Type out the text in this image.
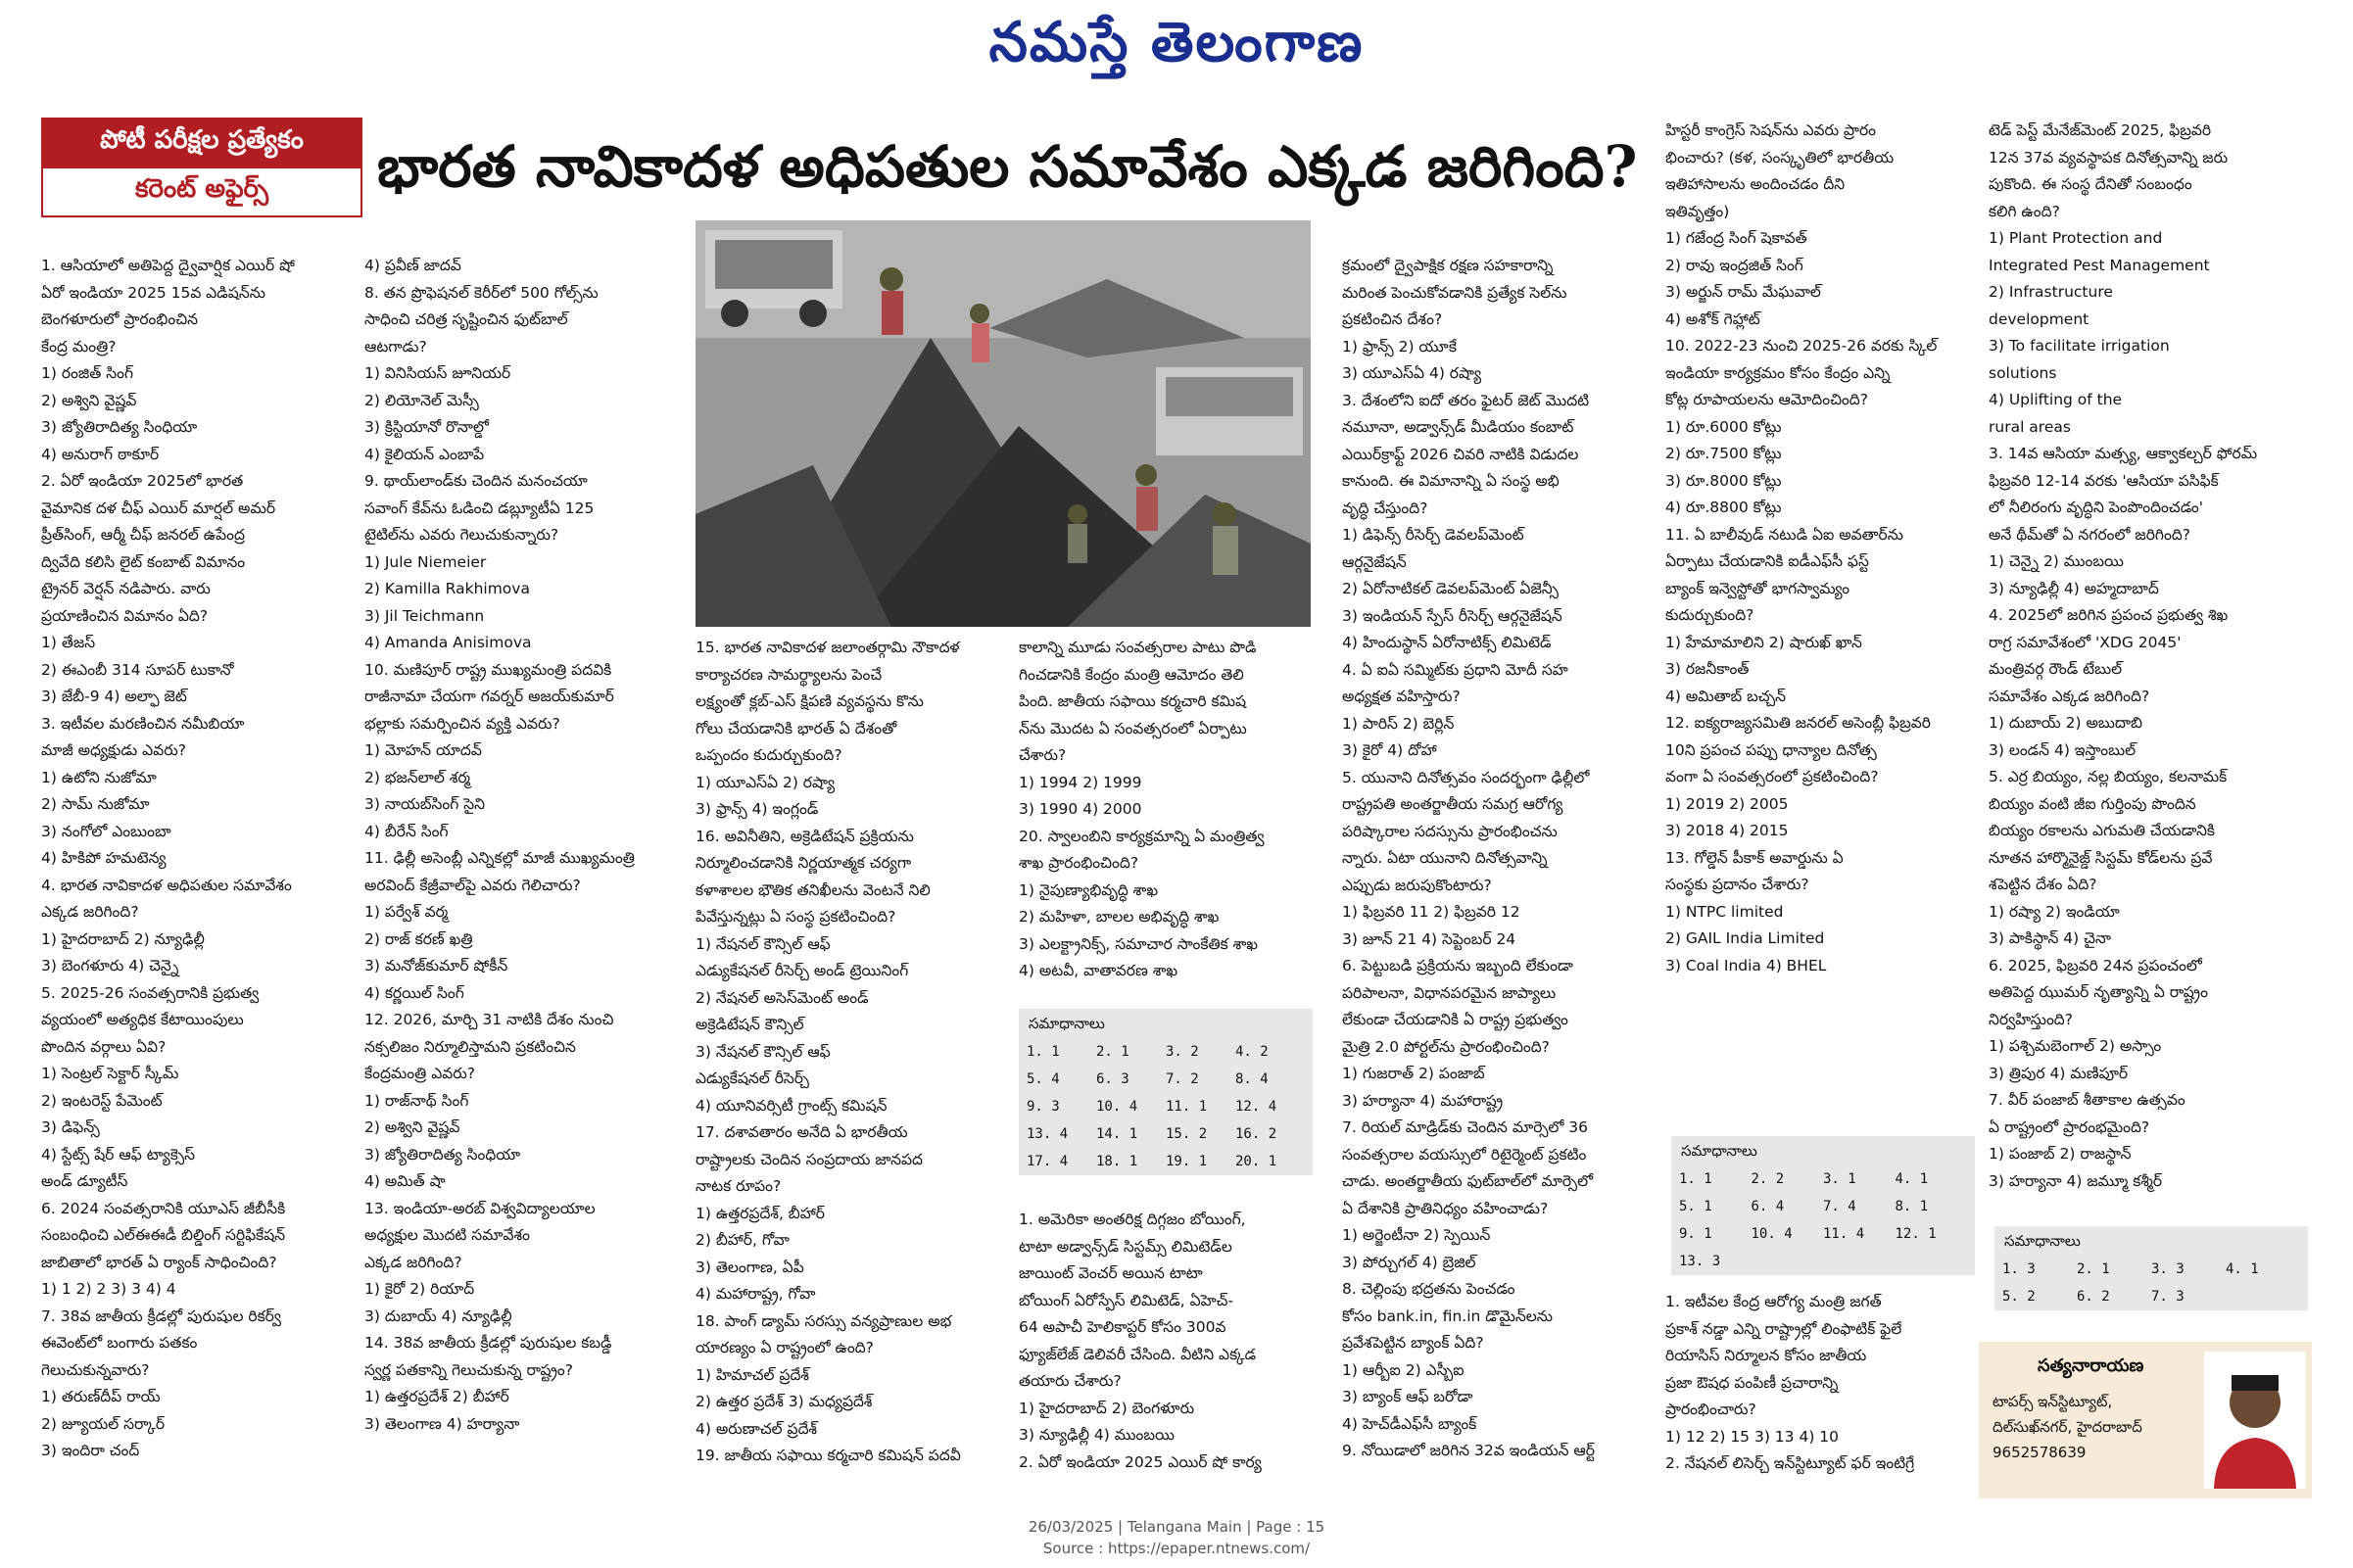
నమస్తే తెలంగాణ
పోటీ పరీక్షల ప్రత్యేకం
కరెంట్ అఫైర్స్	భారత నావికాదళ అధిపతుల సమావేశం ఎక్కడ జరిగింది?
1. ఆసియాలో అతిపెద్ద ద్వైవార్షిక ఎయిర్ షో
ఏరో ఇండియా 2025 15వ ఎడిషన్‌ను
బెంగళూరులో ప్రారంభించిన
కేంద్ర మంత్రి?
1) రంజిత్ సింగ్
2) అశ్విని వైష్ణవ్
3) జ్యోతిరాదిత్య సింధియా
4) అనురాగ్ ఠాకూర్
2. ఏరో ఇండియా 2025లో భారత
వైమానిక దళ చీఫ్ ఎయిర్ మార్షల్ అమర్
ప్రీత్‌సింగ్, ఆర్మీ చీఫ్ జనరల్ ఉపేంద్ర
ద్వివేది కలిసి లైట్ కంబాట్ విమానం
ట్రైనర్ వెర్షన్ నడిపారు. వారు
ప్రయాణించిన విమానం ఏది?
1) తేజస్
2) ఈఎంబీ 314 సూపర్ టుకానో
3) జేబీ-9 4) అల్ఫా జెట్
3. ఇటీవల మరణించిన నమీబియా
మాజీ అధ్యక్షుడు ఎవరు?
1) ఉటోని నుజోమా
2) సామ్ నుజోమా
3) నంగోలో ఎంబుంబా
4) హికిపో హమటెన్య
4. భారత నావికాదళ అధిపతుల సమావేశం
ఎక్కడ జరిగింది?
1) హైదరాబాద్ 2) న్యూఢిల్లీ
3) బెంగళూరు 4) చెన్నై
5. 2025-26 సంవత్సరానికి ప్రభుత్వ
వ్యయంలో అత్యధిక కేటాయింపులు
పొందిన వర్గాలు ఏవి?
1) సెంట్రల్ సెక్టార్ స్కీమ్
2) ఇంటరెస్ట్ పేమెంట్
3) డిఫెన్స్
4) స్టేట్స్ షేర్ ఆఫ్ ట్యాక్సెస్
అండ్ డ్యూటీస్
6. 2024 సంవత్సరానికి యూఎస్ జీబీసీకి
సంబంధించి ఎల్ఈఈడీ బిల్డింగ్ సర్టిఫికేషన్
జాబితాలో భారత్ ఏ ర్యాంక్ సాధించింది?
1) 1 2) 2 3) 3 4) 4
7. 38వ జాతీయ క్రీడల్లో పురుషుల రికర్వ్
ఈవెంట్‌లో బంగారు పతకం
గెలుచుకున్నవారు?
1) తరుణ్‌దీప్ రాయ్
2) జ్యూయల్ సర్కార్
3) ఇందిరా చంద్
4) ప్రవీణ్ జాదవ్
8. తన ప్రొఫెషనల్ కెరీర్‌లో 500 గోల్స్‌ను
సాధించి చరిత్ర సృష్టించిన ఫుట్‌బాల్
ఆటగాడు?
1) వినిసియస్ జూనియర్
2) లియోనెల్ మెస్సీ
3) క్రిస్టియానో రొనాల్డో
4) కైలియన్ ఎంబాపే
9. థాయ్‌లాండ్‌కు చెందిన మనంచయా
సవాంగ్ కేవ్‌ను ఓడించి డబ్ల్యూటీఏ 125
టైటిల్‌ను ఎవరు గెలుచుకున్నారు?
1) Jule Niemeier
2) Kamilla Rakhimova
3) Jil Teichmann
4) Amanda Anisimova
10. మణిపూర్ రాష్ట్ర ముఖ్యమంత్రి పదవికి
రాజీనామా చేయగా గవర్నర్ అజయ్‌కుమార్
భల్లాకు సమర్పించిన వ్యక్తి ఎవరు?
1) మోహన్ యాదవ్
2) భజన్‌లాల్ శర్మ
3) నాయబ్‌సింగ్ సైని
4) బీరేన్ సింగ్
11. ఢిల్లీ అసెంబ్లీ ఎన్నికల్లో మాజీ ముఖ్యమంత్రి
అరవింద్ కేజ్రీవాల్‌పై ఎవరు గెలిచారు?
1) పర్వేశ్ వర్మ
2) రాజ్ కరణ్ ఖత్రి
3) మనోజ్‌కుమార్ షోకీన్
4) కర్ణయిల్ సింగ్
12. 2026, మార్చి 31 నాటికి దేశం నుంచి
నక్సలిజం నిర్మూలిస్తామని ప్రకటించిన
కేంద్రమంత్రి ఎవరు?
1) రాజ్‌నాథ్ సింగ్
2) అశ్విని వైష్ణవ్
3) జ్యోతిరాదిత్య సింధియా
4) అమిత్ షా
13. ఇండియా-అరబ్ విశ్వవిద్యాలయాల
అధ్యక్షుల మొదటి సమావేశం
ఎక్కడ జరిగింది?
1) కైరో 2) రియాద్
3) దుబాయ్ 4) న్యూఢిల్లీ
14. 38వ జాతీయ క్రీడల్లో పురుషుల కబడ్డీ
స్వర్ణ పతకాన్ని గెలుచుకున్న రాష్ట్రం?
1) ఉత్తరప్రదేశ్ 2) బీహార్
3) తెలంగాణ 4) హర్యానా
15. భారత నావికాదళ జలాంతర్గామి నౌకాదళ
కార్యాచరణ సామర్థ్యాలను పెంచే
లక్ష్యంతో క్లబ్-ఎస్ క్షిపణి వ్యవస్థను కొను
గోలు చేయడానికి భారత్ ఏ దేశంతో
ఒప్పందం కుదుర్చుకుంది?
1) యూఎస్ఏ 2) రష్యా
3) ఫ్రాన్స్ 4) ఇంగ్లండ్
16. అవినీతిని, అక్రెడిటేషన్ ప్రక్రియను
నిర్మూలించడానికి నిర్ణయాత్మక చర్యగా
కళాశాలల భౌతిక తనిఖీలను వెంటనే నిలి
పివేస్తున్నట్లు ఏ సంస్థ ప్రకటించింది?
1) నేషనల్ కౌన్సిల్ ఆఫ్
ఎడ్యుకేషనల్ రీసెర్చ్ అండ్ ట్రెయినింగ్
2) నేషనల్ అసెస్‌మెంట్ అండ్
అక్రెడిటేషన్ కౌన్సిల్
3) నేషనల్ కౌన్సిల్ ఆఫ్
ఎడ్యుకేషనల్ రీసెర్చ్
4) యూనివర్సిటీ గ్రాంట్స్ కమిషన్
17. దశావతారం అనేది ఏ భారతీయ
రాష్ట్రాలకు చెందిన సంప్రదాయ జానపద
నాటక రూపం?
1) ఉత్తరప్రదేశ్, బీహార్
2) బీహార్, గోవా
3) తెలంగాణ, ఏపీ
4) మహారాష్ట్ర, గోవా
18. పాంగ్ డ్యామ్ సరస్సు వన్యప్రాణుల అభ
యారణ్యం ఏ రాష్ట్రంలో ఉంది?
1) హిమాచల్ ప్రదేశ్
2) ఉత్తర ప్రదేశ్ 3) మధ్యప్రదేశ్
4) అరుణాచల్ ప్రదేశ్
19. జాతీయ సఫాయి కర్మచారి కమిషన్ పదవీ
కాలాన్ని మూడు సంవత్సరాల పాటు పొడి
గించడానికి కేంద్రం మంత్రి ఆమోదం తెలి
పింది. జాతీయ సఫాయి కర్మచారి కమిష
న్‌ను మొదట ఏ సంవత్సరంలో ఏర్పాటు
చేశారు?
1) 1994 2) 1999
3) 1990 4) 2000
20. స్వాలంబిని కార్యక్రమాన్ని ఏ మంత్రిత్వ
శాఖ ప్రారంభించింది?
1) నైపుణ్యాభివృద్ధి శాఖ
2) మహిళా, బాలల అభివృద్ధి శాఖ
3) ఎలక్ట్రానిక్స్, సమాచార సాంకేతిక శాఖ
4) అటవీ, వాతావరణ శాఖ
1. అమెరికా అంతరిక్ష దిగ్గజం బోయింగ్,
టాటా అడ్వాన్స్‌డ్ సిస్టమ్స్ లిమిటెడ్‌ల
జాయింట్ వెంచర్ అయిన టాటా
బోయింగ్ ఏరోస్పేస్ లిమిటెడ్, ఏహెచ్-
64 అపాచీ హెలికాప్టర్ కోసం 300వ
ఫ్యూజ్‌లేజ్ డెలివరీ చేసింది. వీటిని ఎక్కడ
తయారు చేశారు?
1) హైదరాబాద్ 2) బెంగళూరు
3) న్యూఢిల్లీ 4) ముంబయి
2. ఏరో ఇండియా 2025 ఎయిర్ షో కార్య
క్రమంలో ద్వైపాక్షిక రక్షణ సహకారాన్ని
మరింత పెంచుకోవడానికి ప్రత్యేక సెల్‌ను
ప్రకటించిన దేశం?
1) ఫ్రాన్స్ 2) యూకే
3) యూఎస్ఏ 4) రష్యా
3. దేశంలోని ఐదో తరం ఫైటర్ జెట్ మొదటి
నమూనా, అడ్వాన్స్‌డ్ మీడియం కంబాట్
ఎయిర్‌క్రాఫ్ట్ 2026 చివరి నాటికి విడుదల
కానుంది. ఈ విమానాన్ని ఏ సంస్థ అభి
వృద్ధి చేస్తుంది?
1) డిఫెన్స్ రీసెర్చ్ డెవలప్‌మెంట్
ఆర్గనైజేషన్
2) ఏరోనాటికల్ డెవలప్‌మెంట్ ఏజెన్సీ
3) ఇండియన్ స్పేస్ రీసెర్చ్ ఆర్గనైజేషన్
4) హిందుస్థాన్ ఏరోనాటిక్స్ లిమిటెడ్
4. ఏ ఐఏ సమ్మిట్‌కు ప్రధాని మోదీ సహ
అధ్యక్షత వహిస్తారు?
1) పారిస్ 2) బెర్లిన్
3) కైరో 4) దోహా
5. యునాని దినోత్సవం సందర్భంగా ఢిల్లీలో
రాష్ట్రపతి అంతర్జాతీయ సమగ్ర ఆరోగ్య
పరిష్కారాల సదస్సును ప్రారంభించను
న్నారు. ఏటా యునాని దినోత్సవాన్ని
ఎప్పుడు జరుపుకొంటారు?
1) ఫిబ్రవరి 11 2) ఫిబ్రవరి 12
3) జూన్ 21 4) సెప్టెంబర్ 24
6. పెట్టుబడి ప్రక్రియను ఇబ్బంది లేకుండా
పరిపాలనా, విధానపరమైన జాప్యాలు
లేకుండా చేయడానికి ఏ రాష్ట్ర ప్రభుత్వం
మైత్రి 2.0 పోర్టల్‌ను ప్రారంభించింది?
1) గుజరాత్ 2) పంజాబ్
3) హర్యానా 4) మహారాష్ట్ర
7. రియల్ మాడ్రిడ్‌కు చెందిన మార్సెలో 36
సంవత్సరాల వయస్సులో రిటైర్మెంట్ ప్రకటిం
చాడు. అంతర్జాతీయ ఫుట్‌బాల్‌లో మార్సెలో
ఏ దేశానికి ప్రాతినిధ్యం వహించాడు?
1) అర్జెంటీనా 2) స్పెయిన్
3) పోర్చుగల్ 4) బ్రెజిల్
8. చెల్లింపు భద్రతను పెంచడం
కోసం bank.in, fin.in డొమైన్‌లను
ప్రవేశపెట్టిన బ్యాంక్ ఏది?
1) ఆర్బీఐ 2) ఎస్బీఐ
3) బ్యాంక్ ఆఫ్ బరోడా
4) హెచ్‌డీఎఫ్‌సీ బ్యాంక్
9. నోయిడాలో జరిగిన 32వ ఇండియన్ ఆర్ట్
హిస్టరీ కాంగ్రెస్ సెషన్‌ను ఎవరు ప్రారం
భించారు? (కళ, సంస్కృతిలో భారతీయ
ఇతిహాసాలను అందించడం దీని
ఇతివృత్తం)
1) గజేంద్ర సింగ్ షెకావత్
2) రావు ఇంద్రజిత్ సింగ్
3) అర్జున్ రామ్ మేఘవాల్
4) అశోక్ గెహ్లాట్
10. 2022-23 నుంచి 2025-26 వరకు స్కిల్
ఇండియా కార్యక్రమం కోసం కేంద్రం ఎన్ని
కోట్ల రూపాయలను ఆమోదించింది?
1) రూ.6000 కోట్లు
2) రూ.7500 కోట్లు
3) రూ.8000 కోట్లు
4) రూ.8800 కోట్లు
11. ఏ బాలీవుడ్ నటుడి ఏఐ అవతార్‌ను
ఏర్పాటు చేయడానికి ఐడీఎఫ్‌సీ ఫస్ట్
బ్యాంక్ ఇన్వెస్టోతో భాగస్వామ్యం
కుదుర్చుకుంది?
1) హేమామాలిని 2) షారుఖ్ ఖాన్
3) రజనీకాంత్
4) అమితాబ్ బచ్చన్
12. ఐక్యరాజ్యసమితి జనరల్ అసెంబ్లీ ఫిబ్రవరి
10ని ప్రపంచ పప్పు ధాన్యాల దినోత్స
వంగా ఏ సంవత్సరంలో ప్రకటించింది?
1) 2019 2) 2005
3) 2018 4) 2015
13. గోల్డెన్ పీకాక్ అవార్డును ఏ
సంస్థకు ప్రదానం చేశారు?
1) NTPC limited
2) GAIL India Limited
3) Coal India 4) BHEL
1. ఇటీవల కేంద్ర ఆరోగ్య మంత్రి జగత్
ప్రకాశ్ నడ్డా ఎన్ని రాష్ట్రాల్లో లింఫాటిక్ ఫైలే
రియాసిస్ నిర్మూలన కోసం జాతీయ
ప్రజా ఔషధ పంపిణీ ప్రచారాన్ని
ప్రారంభించారు?
1) 12 2) 15 3) 13 4) 10
2. నేషనల్ లిసెర్చ్ ఇన్‌స్టిట్యూట్ ఫర్ ఇంటిగ్రే
టెడ్ పెస్ట్ మేనేజ్‌మెంట్ 2025, ఫిబ్రవరి
12న 37వ వ్యవస్థాపక దినోత్సవాన్ని జరు
పుకొంది. ఈ సంస్థ దేనితో సంబంధం
కలిగి ఉంది?
1) Plant Protection and
Integrated Pest Management
2) Infrastructure
development
3) To facilitate irrigation
solutions
4) Uplifting of the
rural areas
3. 14వ ఆసియా మత్స్య, ఆక్వాకల్చర్ ఫోరమ్
ఫిబ్రవరి 12-14 వరకు 'ఆసియా పసిఫిక్
లో నీలిరంగు వృద్ధిని పెంపొందించడం'
అనే థీమ్‌తో ఏ నగరంలో జరిగింది?
1) చెన్నై 2) ముంబయి
3) న్యూఢిల్లీ 4) అహ్మదాబాద్
4. 2025లో జరిగిన ప్రపంచ ప్రభుత్వ శిఖ
రాగ్ర సమావేశంలో 'XDG 2045'
మంత్రివర్గ రౌండ్ టేబుల్
సమావేశం ఎక్కడ జరిగింది?
1) దుబాయ్ 2) అబుదాబి
3) లండన్ 4) ఇస్తాంబుల్
5. ఎర్ర బియ్యం, నల్ల బియ్యం, కలనామక్
బియ్యం వంటి జీఐ గుర్తింపు పొందిన
బియ్యం రకాలను ఎగుమతి చేయడానికి
నూతన హార్మొనైజ్డ్ సిస్టమ్ కోడ్‌లను ప్రవే
శపెట్టిన దేశం ఏది?
1) రష్యా 2) ఇండియా
3) పాకిస్థాన్ 4) చైనా
6. 2025, ఫిబ్రవరి 24న ప్రపంచంలో
అతిపెద్ద ఝుమర్ నృత్యాన్ని ఏ రాష్ట్రం
నిర్వహిస్తుంది?
1) పశ్చిమబెంగాల్ 2) అస్సాం
3) త్రిపుర 4) మణిపూర్
7. వీర్ పంజాబ్ శీతాకాల ఉత్సవం
ఏ రాష్ట్రంలో ప్రారంభమైంది?
1) పంజాబ్ 2) రాజస్థాన్
3) హర్యానా 4) జమ్మూ కశ్మీర్
సమాధానాలు
1. 1	2. 1	3. 2	4. 2
5. 4	6. 3	7. 2	8. 4
9. 3	10. 4	11. 1	12. 4
13. 4	14. 1	15. 2	16. 2
17. 4	18. 1	19. 1	20. 1
సమాధానాలు
1. 1	2. 2	3. 1	4. 1
5. 1	6. 4	7. 4	8. 1
9. 1	10. 4	11. 4	12. 1
13. 3
సమాధానాలు
1. 3	2. 1	3. 3	4. 1
5. 2	6. 2	7. 3
సత్యనారాయణ
టాపర్స్ ఇన్‌స్టిట్యూట్,
దిల్‌సుఖ్‌నగర్, హైదరాబాద్
9652578639
26/03/2025 | Telangana Main | Page : 15
Source : https://epaper.ntnews.com/
